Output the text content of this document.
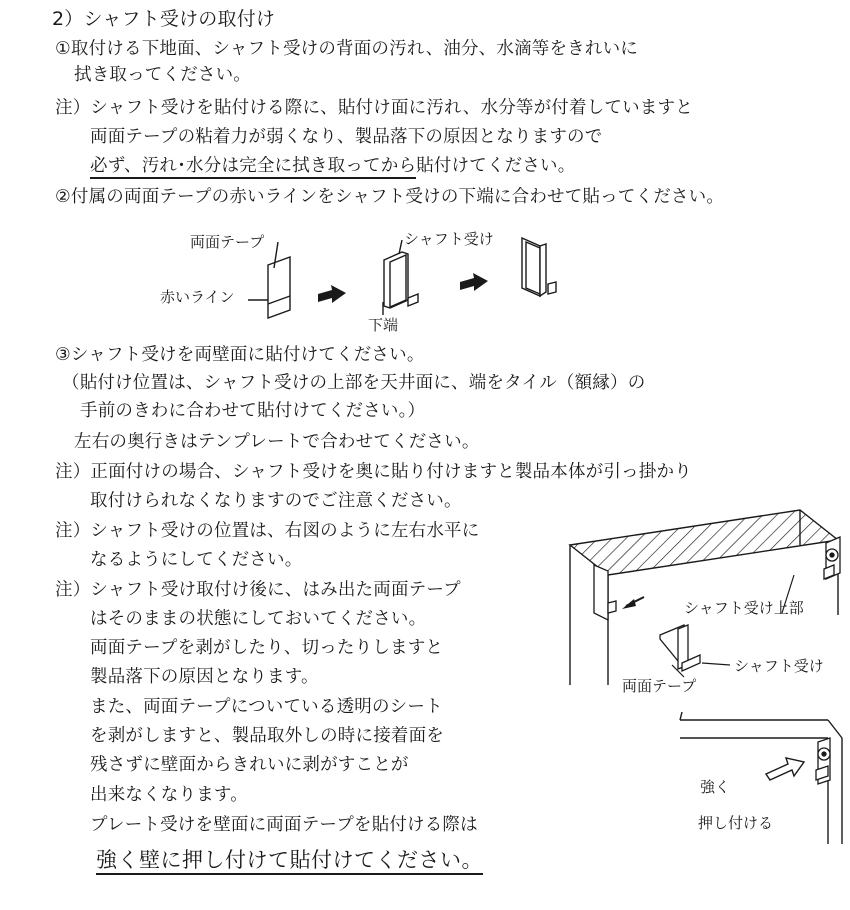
2）シャフト受けの取付け
①取付ける下地面、シャフト受けの背面の汚れ、油分、水滴等をきれいに
拭き取ってください。
注）シャフト受けを貼付ける際に、貼付け面に汚れ、水分等が付着していますと
両面テープの粘着力が弱くなり、製品落下の原因となりますので
必ず、汚れ･水分は完全に拭き取ってから貼付けてください。
②付属の両面テープの赤いラインをシャフト受けの下端に合わせて貼ってください。
③シャフト受けを両壁面に貼付けてください。
（貼付け位置は、シャフト受けの上部を天井面に、端をタイル（額縁）の
手前のきわに合わせて貼付けてください。）
左右の奥行きはテンプレートで合わせてください。
注）正面付けの場合、シャフト受けを奥に貼り付けますと製品本体が引っ掛かり
取付けられなくなりますのでご注意ください。
注）シャフト受けの位置は、右図のように左右水平に
なるようにしてください。
注）シャフト受け取付け後に、はみ出た両面テープ
はそのままの状態にしておいてください。
両面テープを剥がしたり、切ったりしますと
製品落下の原因となります。
また、両面テープについている透明のシート
を剥がしますと、製品取外しの時に接着面を
残さずに壁面からきれいに剥がすことが
出来なくなります。
プレート受けを壁面に両面テープを貼付ける際は
強く壁に押し付けて貼付けてください。
両面テープ
赤いライン
シャフト受け
下端
シャフト受け上部
シャフト受け
両面テープ
強く
押し付ける
